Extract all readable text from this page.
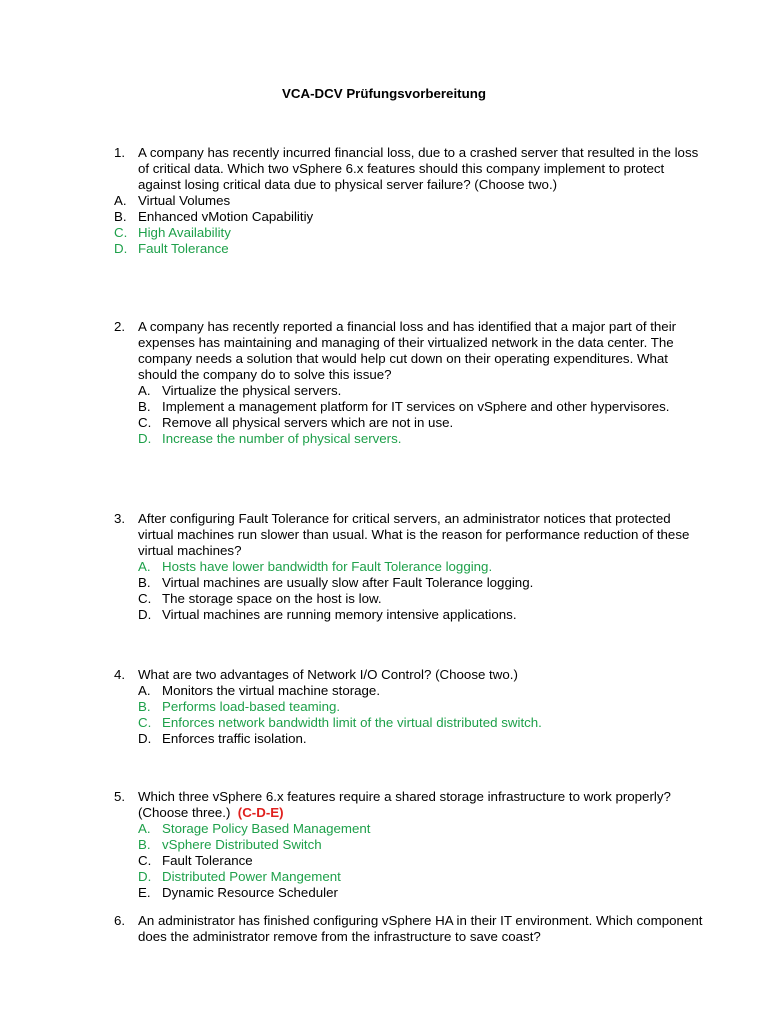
VCA-DCV Prüfungsvorbereitung
1. A company has recently incurred financial loss, due to a crashed server that resulted in the loss of critical data. Which two vSphere 6.x features should this company implement to protect against losing critical data due to physical server failure? (Choose two.)
A. Virtual Volumes
B. Enhanced vMotion Capabilitiy
C. High Availability
D. Fault Tolerance
2. A company has recently reported a financial loss and has identified that a major part of their expenses has maintaining and managing of their virtualized network in the data center. The company needs a solution that would help cut down on their operating expenditures. What should the company do to solve this issue?
A. Virtualize the physical servers.
B. Implement a management platform for IT services on vSphere and other hypervisores.
C. Remove all physical servers which are not in use.
D. Increase the number of physical servers.
3. After configuring Fault Tolerance for critical servers, an administrator notices that protected virtual machines run slower than usual. What is the reason for performance reduction of these virtual machines?
A. Hosts have lower bandwidth for Fault Tolerance logging.
B. Virtual machines are usually slow after Fault Tolerance logging.
C. The storage space on the host is low.
D. Virtual machines are running memory intensive applications.
4. What are two advantages of Network I/O Control? (Choose two.)
A. Monitors the virtual machine storage.
B. Performs load-based teaming.
C. Enforces network bandwidth limit of the virtual distributed switch.
D. Enforces traffic isolation.
5. Which three vSphere 6.x features require a shared storage infrastructure to work properly? (Choose three.) (C-D-E)
A. Storage Policy Based Management
B. vSphere Distributed Switch
C. Fault Tolerance
D. Distributed Power Mangement
E. Dynamic Resource Scheduler
6. An administrator has finished configuring vSphere HA in their IT environment. Which component does the administrator remove from the infrastructure to save coast?
